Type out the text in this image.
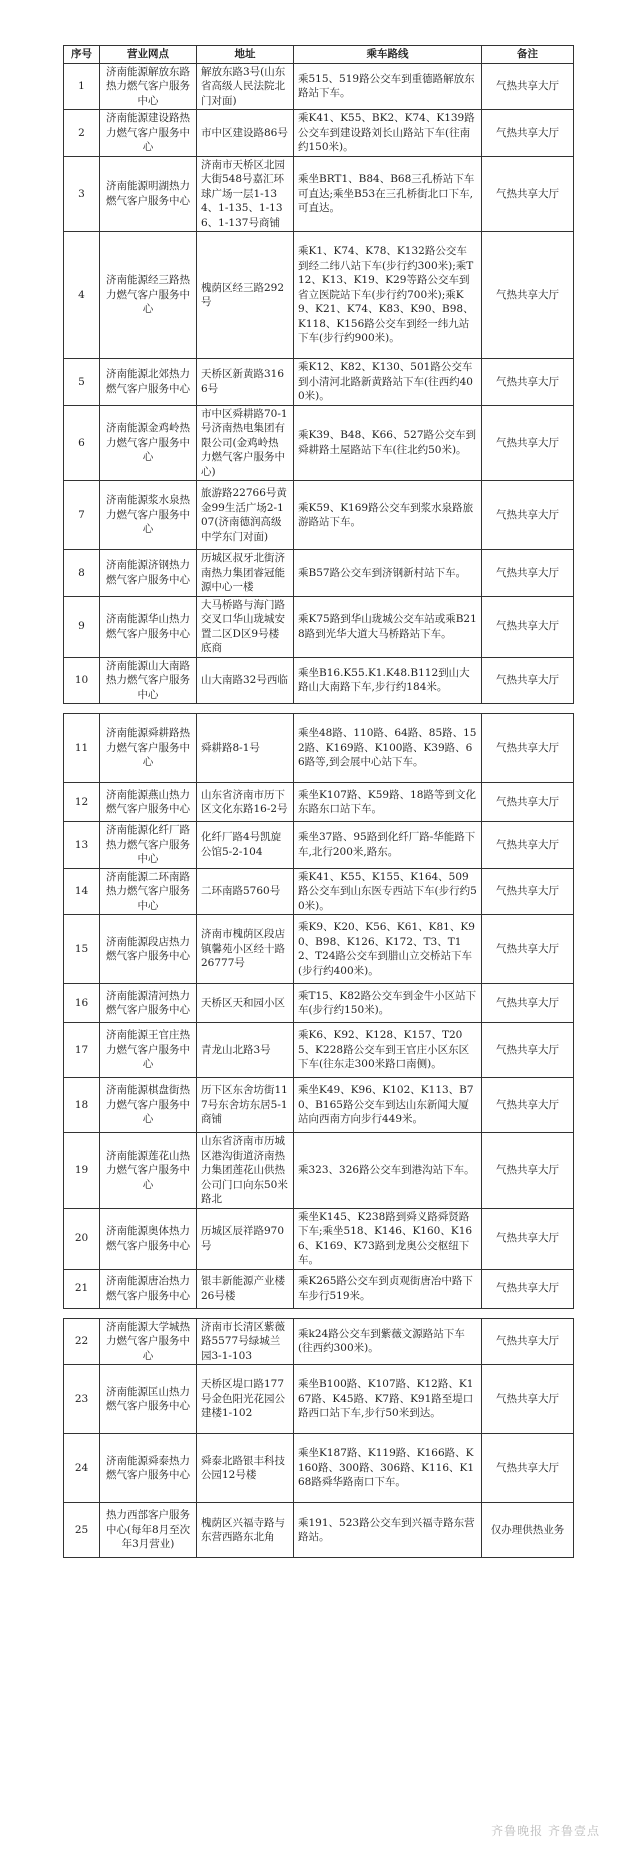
序号	营业网点	地址	乘车路线	备注
1	济南能源解放东路热力燃气客户服务中心	解放东路3号(山东省高级人民法院北门对面)	乘515、519路公交车到重德路解放东路站下车。	气热共享大厅
2	济南能源建设路热力燃气客户服务中心	市中区建设路86号	乘K41、K55、BK2、K74、K139路公交车到建设路刘长山路站下车(往南约150米)。	气热共享大厅
3	济南能源明湖热力燃气客户服务中心	济南市天桥区北园大街548号嘉汇环球广场一层1-134、1-135、1-136、1-137号商铺	乘坐BRT1、B84、B68三孔桥站下车可直达;乘坐B53在三孔桥街北口下车,可直达。	气热共享大厅
4	济南能源经三路热力燃气客户服务中心	槐荫区经三路292号	乘K1、K74、K78、K132路公交车到经二纬八站下车(步行约300米);乘T12、K13、K19、K29等路公交车到省立医院站下车(步行约700米);乘K9、K21、K74、K83、K90、B98、K118、K156路公交车到经一纬九站下车(步行约900米)。	气热共享大厅
5	济南能源北郊热力燃气客户服务中心	天桥区新黄路3166号	乘K12、K82、K130、501路公交车到小清河北路新黄路站下车(往西约400米)。	气热共享大厅
6	济南能源金鸡岭热力燃气客户服务中心	市中区舜耕路70-1号济南热电集团有限公司(金鸡岭热力燃气客户服务中心)	乘K39、B48、K66、527路公交车到舜耕路土屋路站下车(往北约50米)。	气热共享大厅
7	济南能源浆水泉热力燃气客户服务中心	旅游路22766号黄金99生活广场2-107(济南德润高级中学东门对面)	乘K59、K169路公交车到浆水泉路旅游路站下车。	气热共享大厅
8	济南能源济钢热力燃气客户服务中心	历城区叔牙北街济南热力集团睿冠能源中心一楼	乘B57路公交车到济钢新村站下车。	气热共享大厅
9	济南能源华山热力燃气客户服务中心	大马桥路与海门路交叉口华山珑城安置二区D区9号楼底商	乘K75路到华山珑城公交车站或乘B218路到光华大道大马桥路站下车。	气热共享大厅
10	济南能源山大南路热力燃气客户服务中心	山大南路32号西临	乘坐B16.K55.K1.K48.B112到山大路山大南路下车,步行约184米。	气热共享大厅

11	济南能源舜耕路热力燃气客户服务中心	舜耕路8-1号	乘坐48路、110路、64路、85路、152路、K169路、K100路、K39路、66路等,到会展中心站下车。	气热共享大厅
12	济南能源燕山热力燃气客户服务中心	山东省济南市历下区文化东路16-2号	乘坐K107路、K59路、18路等到文化东路东口站下车。	气热共享大厅
13	济南能源化纤厂路热力燃气客户服务中心	化纤厂路4号凯旋公馆5-2-104	乘坐37路、95路到化纤厂路-华能路下车,北行200米,路东。	气热共享大厅
14	济南能源二环南路热力燃气客户服务中心	二环南路5760号	乘K41、K55、K155、K164、509路公交车到山东医专西站下车(步行约50米)。	气热共享大厅
15	济南能源段店热力燃气客户服务中心	济南市槐荫区段店镇馨苑小区经十路26777号	乘K9、K20、K56、K61、K81、K90、B98、K126、K172、T3、T12、T24路公交车到腊山立交桥站下车(步行约400米)。	气热共享大厅
16	济南能源清河热力燃气客户服务中心	天桥区天和园小区	乘T15、K82路公交车到金牛小区站下车(步行约150米)。	气热共享大厅
17	济南能源王官庄热力燃气客户服务中心	青龙山北路3号	乘K6、K92、K128、K157、T205、K228路公交车到王官庄小区东区下车(往东走300米路口南侧)。	气热共享大厅
18	济南能源棋盘街热力燃气客户服务中心	历下区东舍坊街117号东舍坊东居5-1商铺	乘坐K49、K96、K102、K113、B70、B165路公交车到达山东新闻大厦站向西南方向步行449米。	气热共享大厅
19	济南能源莲花山热力燃气客户服务中心	山东省济南市历城区港沟街道济南热力集团莲花山供热公司门口向东50米路北	乘323、326路公交车到港沟站下车。	气热共享大厅
20	济南能源奥体热力燃气客户服务中心	历城区辰祥路970号	乘坐K145、K238路到舜义路舜贤路下车;乘坐518、K146、K160、K166、K169、K73路到龙奥公交枢纽下车。	气热共享大厅
21	济南能源唐冶热力燃气客户服务中心	银丰新能源产业楼26号楼	乘K265路公交车到贞观街唐冶中路下车步行519米。	气热共享大厅

22	济南能源大学城热力燃气客户服务中心	济南市长清区紫薇路5577号绿城兰园3-1-103	乘k24路公交车到紫薇文源路站下车(往西约300米)。	气热共享大厅
23	济南能源匡山热力燃气客户服务中心	天桥区堤口路177号金色阳光花园公建楼1-102	乘坐B100路、K107路、K12路、K167路、K45路、K7路、K91路至堤口路西口站下车,步行50米到达。	气热共享大厅
24	济南能源舜泰热力燃气客户服务中心	舜泰北路银丰科技公园12号楼	乘坐K187路、K119路、K166路、K160路、300路、306路、K116、K168路舜华路南口下车。	气热共享大厅
25	热力西部客户服务中心(每年8月至次年3月营业)	槐荫区兴福寺路与东营西路东北角	乘191、523路公交车到兴福寺路东营路站。	仅办理供热业务
齐鲁晚报 齐鲁壹点
